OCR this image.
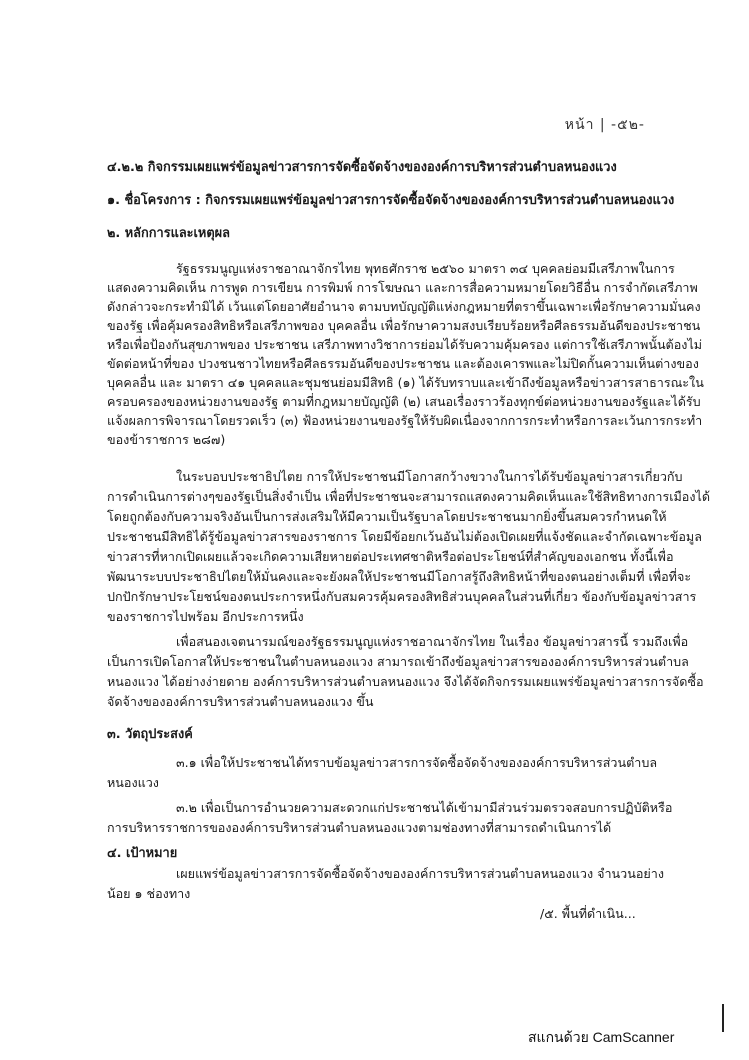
หน้า | -๕๒-
๔.๒.๒ กิจกรรมเผยแพร่ข้อมูลข่าวสารการจัดซื้อจัดจ้างขององค์การบริหารส่วนตำบลหนองแวง
๑. ชื่อโครงการ : กิจกรรมเผยแพร่ข้อมูลข่าวสารการจัดซื้อจัดจ้างขององค์การบริหารส่วนตำบลหนองแวง
๒. หลักการและเหตุผล
รัฐธรรมนูญแห่งราชอาณาจักรไทย พุทธศักราช ๒๕๖๐ มาตรา ๓๔ บุคคลย่อมมีเสรีภาพในการ
แสดงความคิดเห็น การพูด การเขียน การพิมพ์ การโฆษณา และการสื่อความหมายโดยวิธีอื่น การจำกัดเสรีภาพ
ดังกล่าวจะกระทำมิได้ เว้นแต่โดยอาศัยอำนาจ ตามบทบัญญัติแห่งกฎหมายที่ตราขึ้นเฉพาะเพื่อรักษาความมั่นคง
ของรัฐ เพื่อคุ้มครองสิทธิหรือเสรีภาพของ บุคคลอื่น เพื่อรักษาความสงบเรียบร้อยหรือศีลธรรมอันดีของประชาชน
หรือเพื่อป้องกันสุขภาพของ ประชาชน เสรีภาพทางวิชาการย่อมได้รับความคุ้มครอง แต่การใช้เสรีภาพนั้นต้องไม่
ขัดต่อหน้าที่ของ ปวงชนชาวไทยหรือศีลธรรมอันดีของประชาชน และต้องเคารพและไม่ปิดกั้นความเห็นต่างของ
บุคคลอื่น และ มาตรา ๔๑ บุคคลและชุมชนย่อมมีสิทธิ (๑) ได้รับทราบและเข้าถึงข้อมูลหรือข่าวสารสาธารณะใน
ครอบครองของหน่วยงานของรัฐ ตามที่กฎหมายบัญญัติ (๒) เสนอเรื่องราวร้องทุกข์ต่อหน่วยงานของรัฐและได้รับ
แจ้งผลการพิจารณาโดยรวดเร็ว (๓) ฟ้องหน่วยงานของรัฐให้รับผิดเนื่องจากการกระทำหรือการละเว้นการกระทำ
ของข้าราชการ ๒๘๗)
ในระบอบประชาธิปไตย การให้ประชาชนมีโอกาสกว้างขวางในการได้รับข้อมูลข่าวสารเกี่ยวกับ
การดำเนินการต่างๆของรัฐเป็นสิ่งจำเป็น เพื่อที่ประชาชนจะสามารถแสดงความคิดเห็นและใช้สิทธิทางการเมืองได้
โดยถูกต้องกับความจริงอันเป็นการส่งเสริมให้มีความเป็นรัฐบาลโดยประชาชนมากยิ่งขึ้นสมควรกำหนดให้
ประชาชนมีสิทธิได้รู้ข้อมูลข่าวสารของราชการ โดยมีข้อยกเว้นอันไม่ต้องเปิดเผยที่แจ้งชัดและจำกัดเฉพาะข้อมูล
ข่าวสารที่หากเปิดเผยแล้วจะเกิดความเสียหายต่อประเทศชาติหรือต่อประโยชน์ที่สำคัญของเอกชน ทั้งนี้เพื่อ
พัฒนาระบบประชาธิปไตยให้มั่นคงและจะยังผลให้ประชาชนมีโอกาสรู้ถึงสิทธิหน้าที่ของตนอย่างเต็มที่ เพื่อที่จะ
ปกปักรักษาประโยชน์ของตนประการหนึ่งกับสมควรคุ้มครองสิทธิส่วนบุคคลในส่วนที่เกี่ยว ข้องกับข้อมูลข่าวสาร
ของราชการไปพร้อม อีกประการหนึ่ง
เพื่อสนองเจตนารมณ์ของรัฐธรรมนูญแห่งราชอาณาจักรไทย ในเรื่อง ข้อมูลข่าวสารนี้ รวมถึงเพื่อ
เป็นการเปิดโอกาสให้ประชาชนในตำบลหนองแวง สามารถเข้าถึงข้อมูลข่าวสารขององค์การบริหารส่วนตำบล
หนองแวง ได้อย่างง่ายดาย องค์การบริหารส่วนตำบลหนองแวง จึงได้จัดกิจกรรมเผยแพร่ข้อมูลข่าวสารการจัดซื้อ
จัดจ้างขององค์การบริหารส่วนตำบลหนองแวง ขึ้น
๓. วัตถุประสงค์
๓.๑ เพื่อให้ประชาชนได้ทราบข้อมูลข่าวสารการจัดซื้อจัดจ้างขององค์การบริหารส่วนตำบล
หนองแวง
๓.๒ เพื่อเป็นการอำนวยความสะดวกแก่ประชาชนได้เข้ามามีส่วนร่วมตรวจสอบการปฏิบัติหรือ
การบริหารราชการขององค์การบริหารส่วนตำบลหนองแวงตามช่องทางที่สามารถดำเนินการได้
๔. เป้าหมาย
เผยแพร่ข้อมูลข่าวสารการจัดซื้อจัดจ้างขององค์การบริหารส่วนตำบลหนองแวง จำนวนอย่าง
น้อย ๑ ช่องทาง
/๕. พื้นที่ดำเนิน...
สแกนด้วย CamScanner
